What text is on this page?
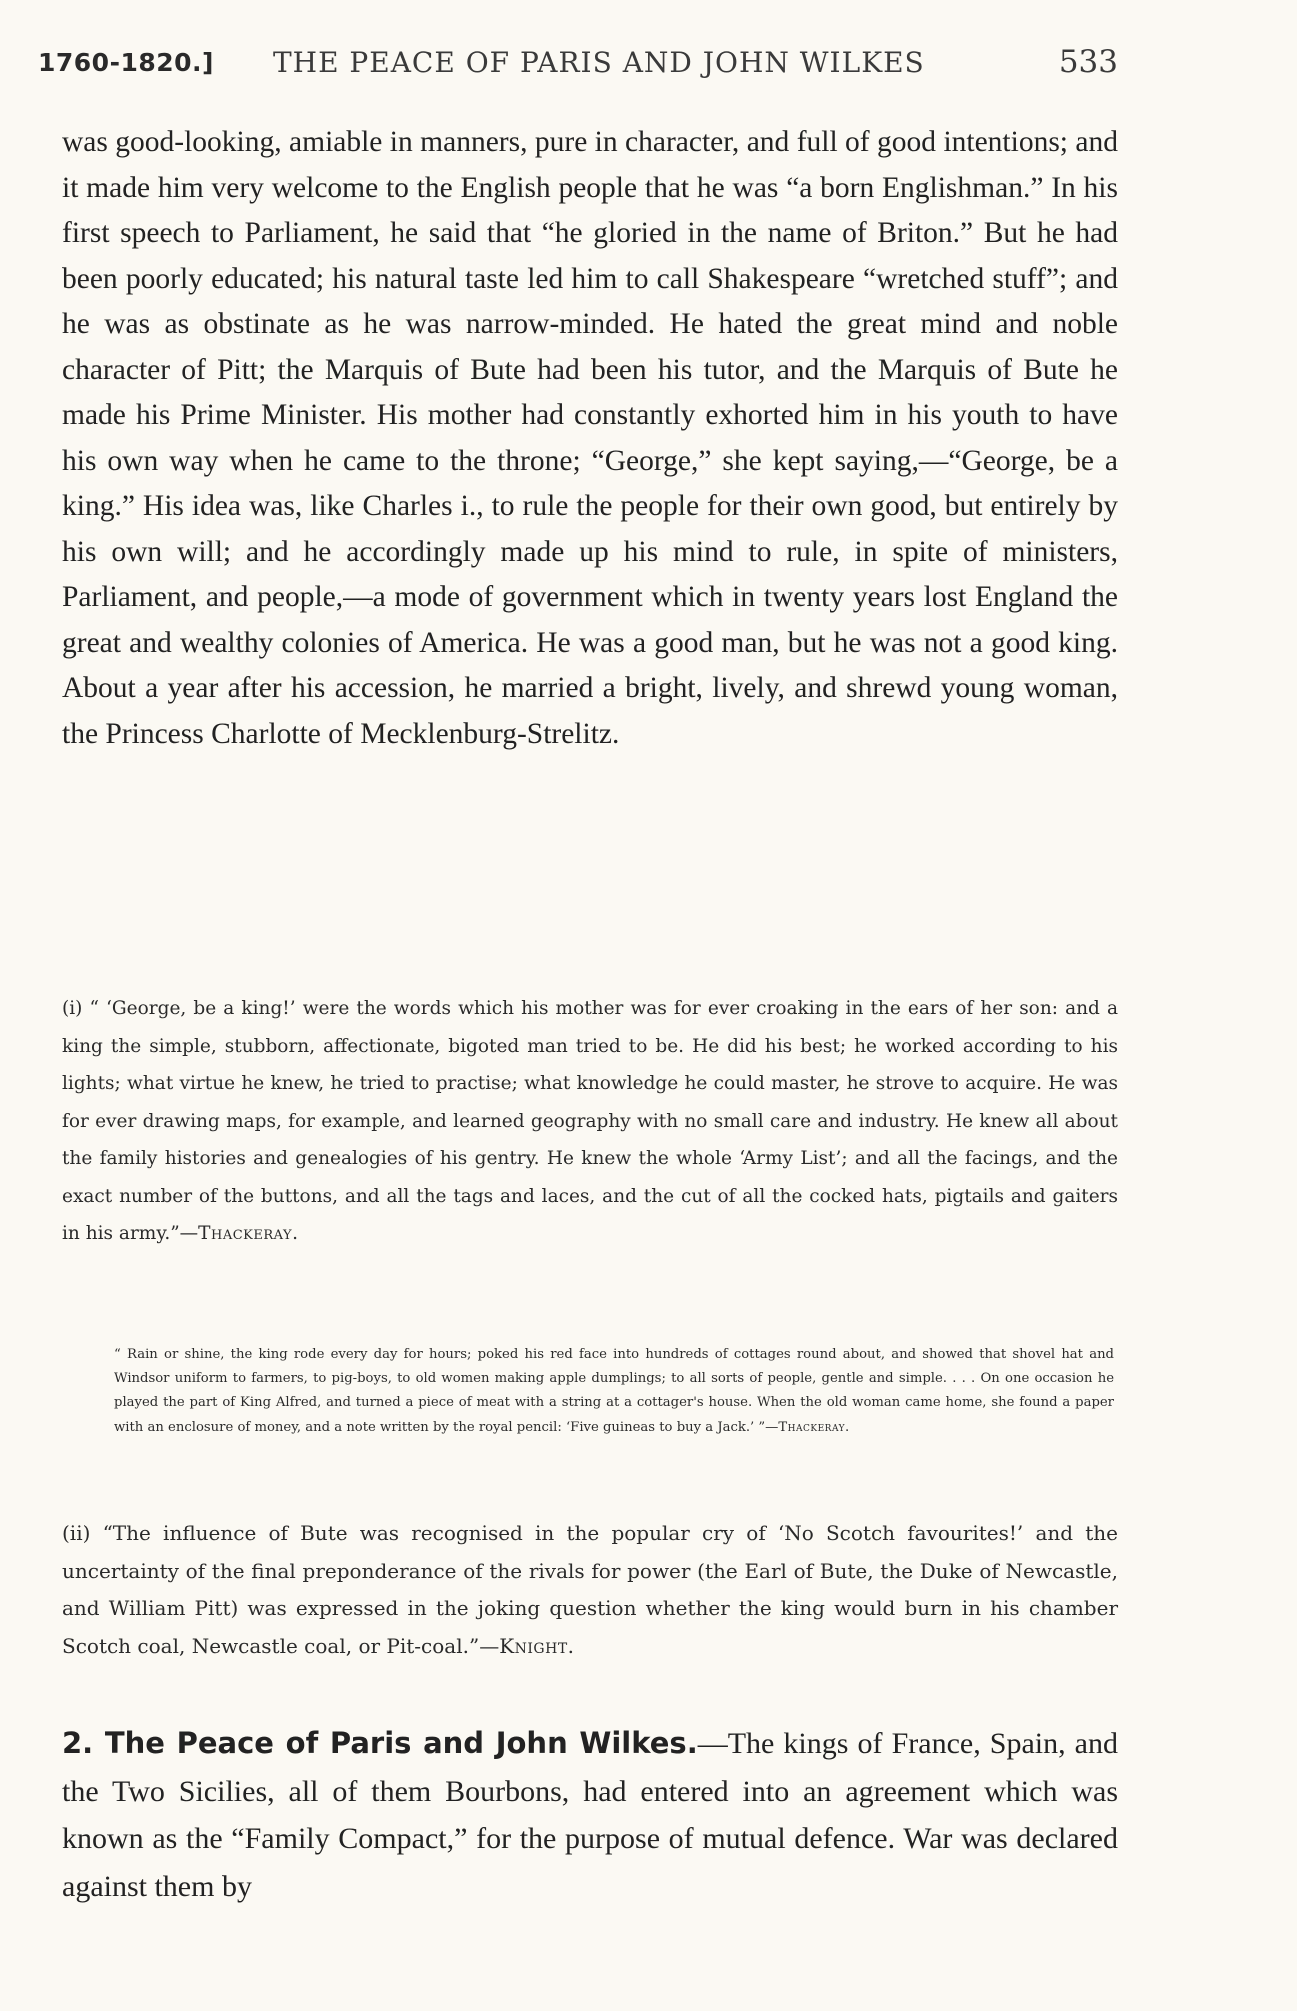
1760-1820.] THE PEACE OF PARIS AND JOHN WILKES	533

was good-looking, amiable in manners, pure in character, and full of good intentions; and it made him very welcome to the English people that he was “a born Englishman.” In his first speech to Parliament, he said that “he gloried in the name of Briton.” But he had been poorly educated; his natural taste led him to call Shakespeare “wretched stuff”; and he was as obstinate as he was narrow-minded. He hated the great mind and noble character of Pitt; the Marquis of Bute had been his tutor, and the Marquis of Bute he made his Prime Minister. His mother had constantly exhorted him in his youth to have his own way when he came to the throne; “George,” she kept saying,—“George, be a king.” His idea was, like Charles i., to rule the people for their own good, but entirely by his own will; and he accordingly made up his mind to rule, in spite of ministers, Parliament, and people,—a mode of government which in twenty years lost England the great and wealthy colonies of America. He was a good man, but he was not a good king. About a year after his accession, he married a bright, lively, and shrewd young woman, the Princess Charlotte of Mecklenburg-Strelitz.

(i) “ ‘George, be a king!’ were the words which his mother was for ever croaking in the ears of her son: and a king the simple, stubborn, affectionate, bigoted man tried to be. He did his best; he worked according to his lights; what virtue he knew, he tried to practise; what knowledge he could master, he strove to acquire. He was for ever drawing maps, for example, and learned geography with no small care and industry. He knew all about the family histories and genealogies of his gentry. He knew the whole ‘Army List’; and all the facings, and the exact number of the buttons, and all the tags and laces, and the cut of all the cocked hats, pigtails and gaiters in his army.”—Thackeray.

“ Rain or shine, the king rode every day for hours; poked his red face into hundreds of cottages round about, and showed that shovel hat and Windsor uniform to farmers, to pig-boys, to old women making apple dumplings; to all sorts of people, gentle and simple. . . . On one occasion he played the part of King Alfred, and turned a piece of meat with a string at a cottager's house. When the old woman came home, she found a paper with an enclosure of money, and a note written by the royal pencil: ‘Five guineas to buy a Jack.’ ”—Thackeray.

(ii) “The influence of Bute was recognised in the popular cry of ‘No Scotch favourites!’ and the uncertainty of the final preponderance of the rivals for power (the Earl of Bute, the Duke of Newcastle, and William Pitt) was expressed in the joking question whether the king would burn in his chamber Scotch coal, Newcastle coal, or Pit-coal.”—Knight.

2. The Peace of Paris and John Wilkes.—The kings of France, Spain, and the Two Sicilies, all of them Bourbons, had entered into an agreement which was known as the “Family Compact,” for the purpose of mutual defence. War was declared against them by
